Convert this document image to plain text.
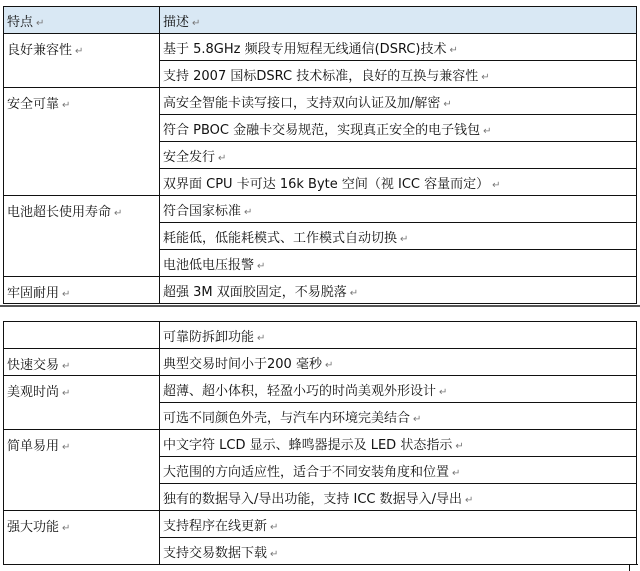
特点 ↵	描述 ↵
良好兼容性 ↵	基于 5.8GHz 频段专用短程无线通信(DSRC)技术 ↵
	支持 2007 国标DSRC 技术标准，良好的互换与兼容性 ↵
安全可靠 ↵	高安全智能卡读写接口，支持双向认证及加/解密 ↵
	符合 PBOC 金融卡交易规范，实现真正安全的电子钱包 ↵
	安全发行 ↵
	双界面 CPU 卡可达 16k Byte 空间（视 ICC 容量而定） ↵
电池超长使用寿命 ↵	符合国家标准 ↵
	耗能低，低能耗模式、工作模式自动切换 ↵
	电池低电压报警 ↵
牢固耐用 ↵	超强 3M 双面胶固定，不易脱落 ↵
	可靠防拆卸功能 ↵
快速交易 ↵	典型交易时间小于200 毫秒 ↵
美观时尚 ↵	超薄、超小体积，轻盈小巧的时尚美观外形设计 ↵
	可选不同颜色外壳，与汽车内环境完美结合 ↵
简单易用 ↵	中文字符 LCD 显示、蜂鸣器提示及 LED 状态指示 ↵
	大范围的方向适应性，适合于不同安装角度和位置 ↵
	独有的数据导入/导出功能，支持 ICC 数据导入/导出 ↵
强大功能 ↵	支持程序在线更新 ↵
	支持交易数据下载 ↵
